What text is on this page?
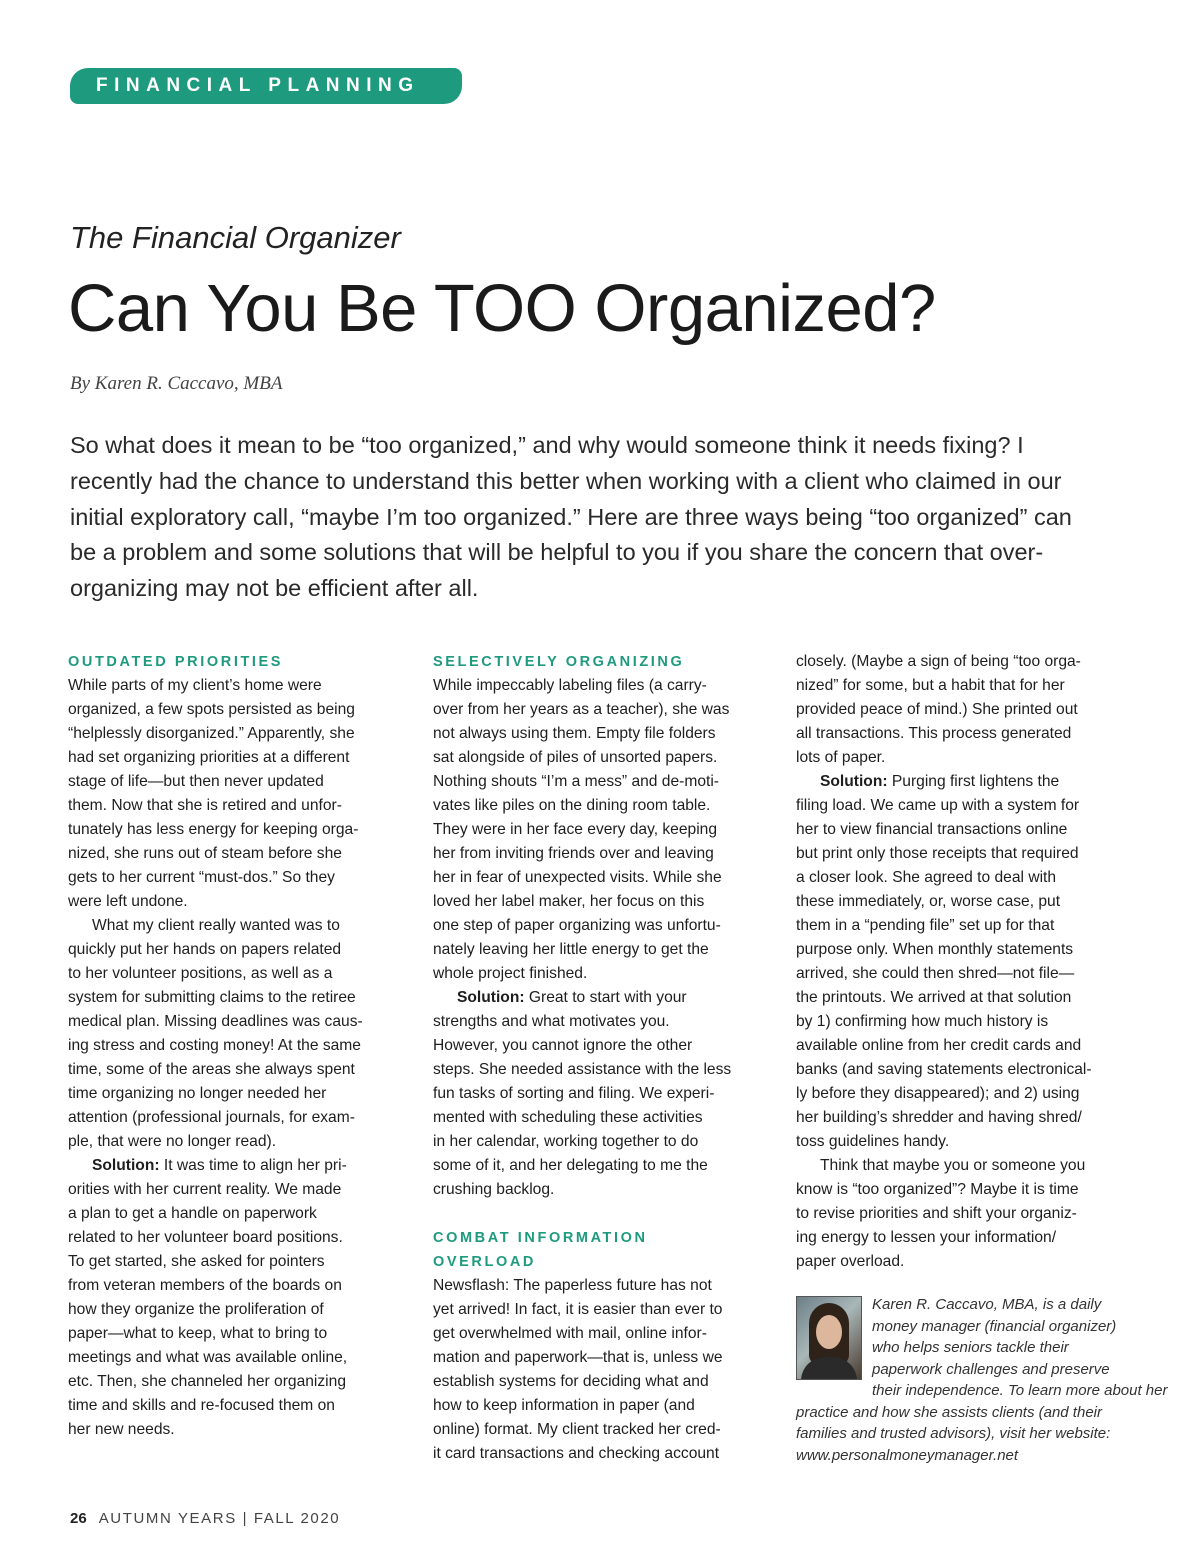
FINANCIAL PLANNING
The Financial Organizer
Can You Be TOO Organized?
By Karen R. Caccavo, MBA

So what does it mean to be “too organized,” and why would someone think it needs fixing? I recently had the chance to understand this better when working with a client who claimed in our initial exploratory call, “maybe I’m too organized.” Here are three ways being “too organized” can be a problem and some solutions that will be helpful to you if you share the concern that over-organizing may not be efficient after all.

OUTDATED PRIORITIES

While parts of my client’s home were
organized, a few spots persisted as being
“helplessly disorganized.” Apparently, she
had set organizing priorities at a different
stage of life—but then never updated
them. Now that she is retired and unfor-
tunately has less energy for keeping orga-
nized, she runs out of steam before she
gets to her current “must-dos.” So they
were left undone.

What my client really wanted was to
quickly put her hands on papers related
to her volunteer positions, as well as a
system for submitting claims to the retiree
medical plan. Missing deadlines was caus-
ing stress and costing money! At the same
time, some of the areas she always spent
time organizing no longer needed her
attention (professional journals, for exam-
ple, that were no longer read).

Solution: It was time to align her pri-
orities with her current reality. We made
a plan to get a handle on paperwork
related to her volunteer board positions.
To get started, she asked for pointers
from veteran members of the boards on
how they organize the proliferation of
paper—what to keep, what to bring to
meetings and what was available online,
etc. Then, she channeled her organizing
time and skills and re-focused them on
her new needs.

SELECTIVELY ORGANIZING

While impeccably labeling files (a carry-
over from her years as a teacher), she was
not always using them. Empty file folders
sat alongside of piles of unsorted papers.
Nothing shouts “I’m a mess” and de-moti-
vates like piles on the dining room table.
They were in her face every day, keeping
her from inviting friends over and leaving
her in fear of unexpected visits. While she
loved her label maker, her focus on this
one step of paper organizing was unfortu-
nately leaving her little energy to get the
whole project finished.

Solution: Great to start with your
strengths and what motivates you.
However, you cannot ignore the other
steps. She needed assistance with the less
fun tasks of sorting and filing. We experi-
mented with scheduling these activities
in her calendar, working together to do
some of it, and her delegating to me the
crushing backlog.

COMBAT INFORMATION
OVERLOAD

Newsflash: The paperless future has not
yet arrived! In fact, it is easier than ever to
get overwhelmed with mail, online infor-
mation and paperwork—that is, unless we
establish systems for deciding what and
how to keep information in paper (and
online) format. My client tracked her cred-
it card transactions and checking account

closely. (Maybe a sign of being “too orga-
nized” for some, but a habit that for her
provided peace of mind.) She printed out
all transactions. This process generated
lots of paper.

Solution: Purging first lightens the
filing load. We came up with a system for
her to view financial transactions online
but print only those receipts that required
a closer look. She agreed to deal with
these immediately, or, worse case, put
them in a “pending file” set up for that
purpose only. When monthly statements
arrived, she could then shred—not file—
the printouts. We arrived at that solution
by 1) confirming how much history is
available online from her credit cards and
banks (and saving statements electronical-
ly before they disappeared); and 2) using
her building’s shredder and having shred/
toss guidelines handy.

Think that maybe you or someone you
know is “too organized”? Maybe it is time
to revise priorities and shift your organiz-
ing energy to lessen your information/
paper overload.

Karen R. Caccavo, MBA, is a daily
money manager (financial organizer)
who helps seniors tackle their
paperwork challenges and preserve
their independence. To learn more about her
practice and how she assists clients (and their
families and trusted advisors), visit her website:
www.personalmoneymanager.net
26 AUTUMN YEARS | FALL 2020
